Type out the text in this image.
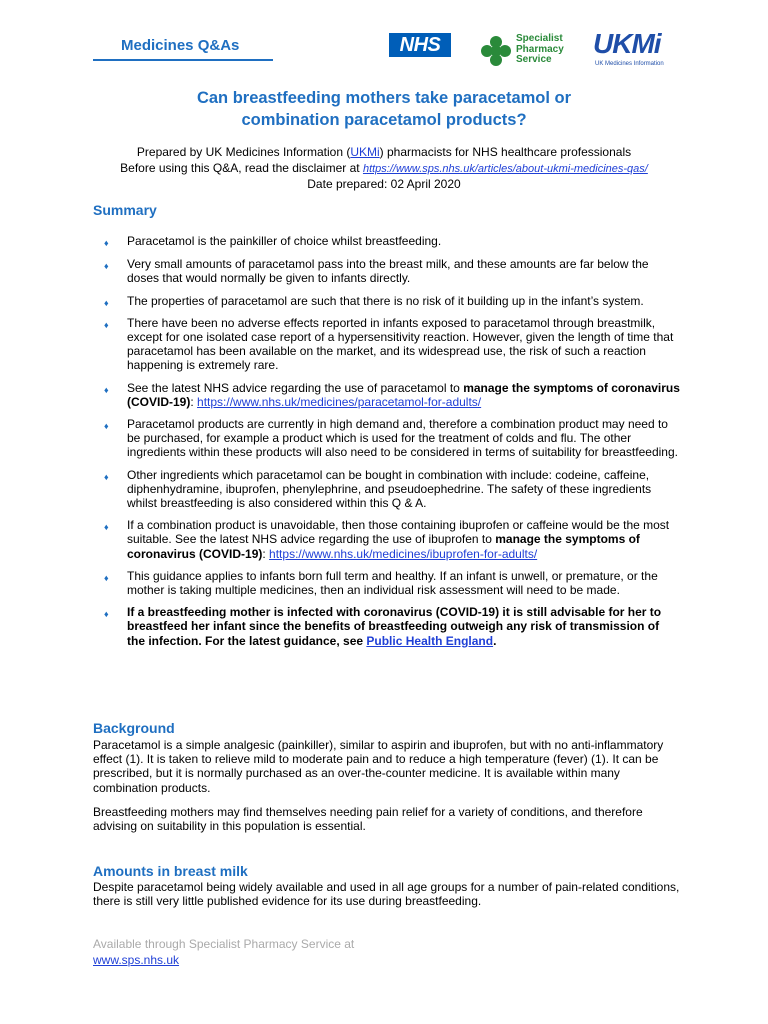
Medicines Q&As	NHS	Specialist
Pharmacy
Service
UKMi
UK Medicines Information
Can breastfeeding mothers take paracetamol or
combination paracetamol products?
Prepared by UK Medicines Information (UKMi) pharmacists for NHS healthcare professionals
Before using this Q&A, read the disclaimer at https://www.sps.nhs.uk/articles/about-ukmi-medicines-qas/
Date prepared: 02 April 2020
Summary
♦ Paracetamol is the painkiller of choice whilst breastfeeding.
♦ Very small amounts of paracetamol pass into the breast milk, and these amounts are far below the doses that would normally be given to infants directly.
♦ The properties of paracetamol are such that there is no risk of it building up in the infant’s system.
♦ There have been no adverse effects reported in infants exposed to paracetamol through breastmilk, except for one isolated case report of a hypersensitivity reaction. However, given the length of time that paracetamol has been available on the market, and its widespread use, the risk of such a reaction happening is extremely rare.
♦ See the latest NHS advice regarding the use of paracetamol to manage the symptoms of coronavirus (COVID-19): https://www.nhs.uk/medicines/paracetamol-for-adults/
♦ Paracetamol products are currently in high demand and, therefore a combination product may need to be purchased, for example a product which is used for the treatment of colds and flu. The other ingredients within these products will also need to be considered in terms of suitability for breastfeeding.
♦ Other ingredients which paracetamol can be bought in combination with include: codeine, caffeine, diphenhydramine, ibuprofen, phenylephrine, and pseudoephedrine. The safety of these ingredients whilst breastfeeding is also considered within this Q & A.
♦ If a combination product is unavoidable, then those containing ibuprofen or caffeine would be the most suitable. See the latest NHS advice regarding the use of ibuprofen to manage the symptoms of coronavirus (COVID-19): https://www.nhs.uk/medicines/ibuprofen-for-adults/
♦ This guidance applies to infants born full term and healthy. If an infant is unwell, or premature, or the mother is taking multiple medicines, then an individual risk assessment will need to be made.
♦ If a breastfeeding mother is infected with coronavirus (COVID-19) it is still advisable for her to breastfeed her infant since the benefits of breastfeeding outweigh any risk of transmission of the infection. For the latest guidance, see Public Health England.
Background
Paracetamol is a simple analgesic (painkiller), similar to aspirin and ibuprofen, but with no anti-inflammatory effect (1). It is taken to relieve mild to moderate pain and to reduce a high temperature (fever) (1). It can be prescribed, but it is normally purchased as an over-the-counter medicine. It is available within many combination products.
Breastfeeding mothers may find themselves needing pain relief for a variety of conditions, and therefore advising on suitability in this population is essential.
Amounts in breast milk
Despite paracetamol being widely available and used in all age groups for a number of pain-related conditions, there is still very little published evidence for its use during breastfeeding.
Available through Specialist Pharmacy Service at
www.sps.nhs.uk
